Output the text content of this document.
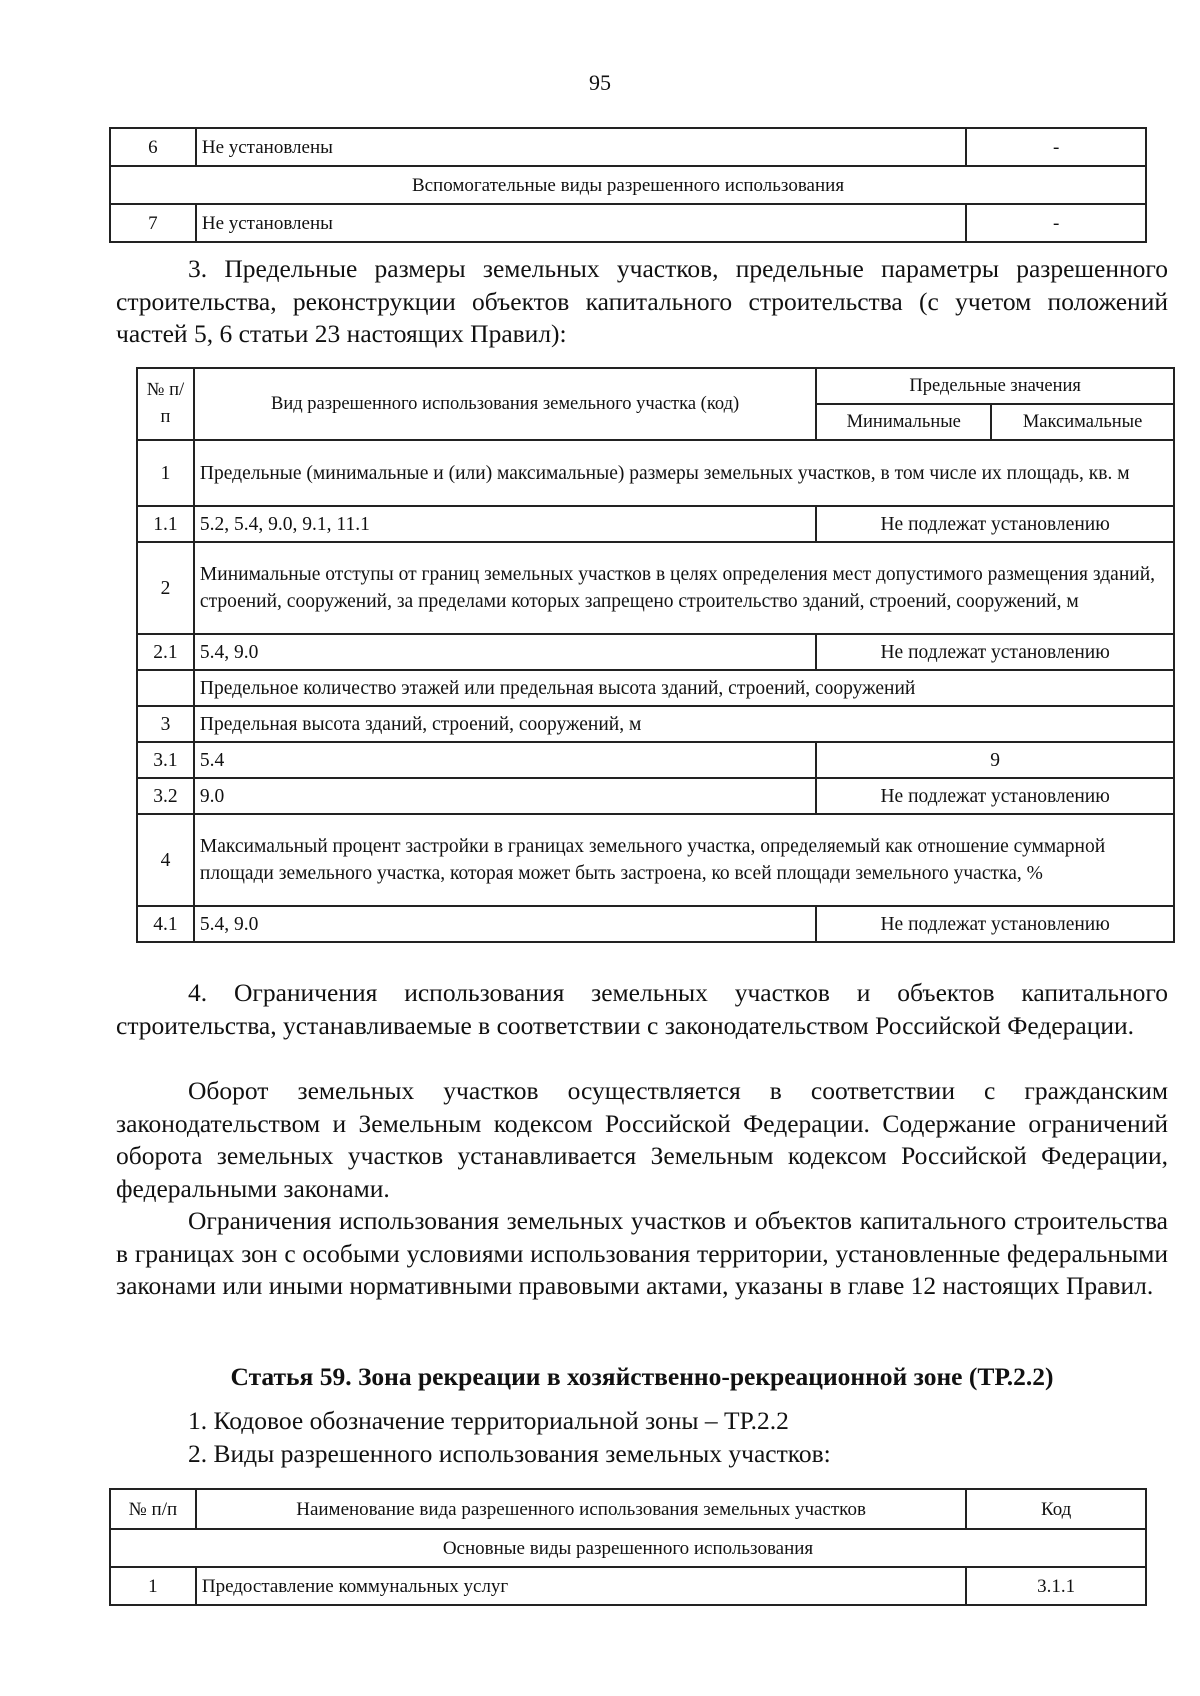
95
6	Не установлены	-
Вспомогательные виды разрешенного использования		
7	Не установлены	-

3. Предельные размеры земельных участков, предельные параметры разрешенного строительства, реконструкции объектов капитального строительства (с учетом положений частей 5, 6 статьи 23 настоящих Правил):

№ п/п	Вид разрешенного использования земельного участка (код)	Предельные значения	
		Минимальные	Максимальные
1	Предельные (минимальные и (или) максимальные) размеры земельных участков, в том числе их площадь, кв. м		
1.1	5.2, 5.4, 9.0, 9.1, 11.1	Не подлежат установлению	
2	Минимальные отступы от границ земельных участков в целях определения мест допустимого размещения зданий, строений, сооружений, за пределами которых запрещено строительство зданий, строений, сооружений, м		
2.1	5.4, 9.0	Не подлежат установлению	
	Предельное количество этажей или предельная высота зданий, строений, сооружений		
3	Предельная высота зданий, строений, сооружений, м		
3.1	5.4	9	
3.2	9.0	Не подлежат установлению	
4	Максимальный процент застройки в границах земельного участка, определяемый как отношение суммарной площади земельного участка, которая может быть застроена, ко всей площади земельного участка, %		
4.1	5.4, 9.0	Не подлежат установлению	

4. Ограничения использования земельных участков и объектов капитального строительства, устанавливаемые в соответствии с законодательством Российской Федерации.

Оборот земельных участков осуществляется в соответствии с гражданским законодательством и Земельным кодексом Российской Федерации. Содержание ограничений оборота земельных участков устанавливается Земельным кодексом Российской Федерации, федеральными законами.

Ограничения использования земельных участков и объектов капитального строительства в границах зон с особыми условиями использования территории, установленные федеральными законами или иными нормативными правовыми актами, указаны в главе 12 настоящих Правил.

Статья 59. Зона рекреации в хозяйственно-рекреационной зоне (ТР.2.2)
1. Кодовое обозначение территориальной зоны – ТР.2.2
2. Виды разрешенного использования земельных участков:
№ п/п	Наименование вида разрешенного использования земельных участков	Код
Основные виды разрешенного использования		
1	Предоставление коммунальных услуг	3.1.1
